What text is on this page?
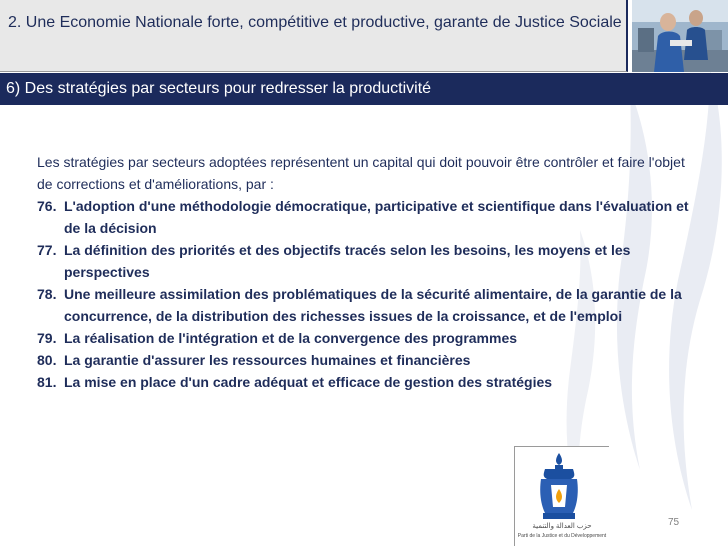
2. Une Economie Nationale forte, compétitive et productive, garante de Justice Sociale
6) Des stratégies par secteurs pour redresser la productivité

Les stratégies par secteurs adoptées représentent un capital qui doit pouvoir être contrôler et faire l'objet de corrections et d'améliorations, par :

76. L'adoption d'une méthodologie démocratique, participative et scientifique dans l'évaluation et de la décision
77. La définition des priorités et des objectifs tracés selon les besoins, les moyens et les perspectives
78. Une meilleure assimilation des problématiques de la sécurité alimentaire, de la garantie de la concurrence, de la distribution des richesses issues de la croissance, et de l'emploi
79. La réalisation de l'intégration et de la convergence des programmes
80. La garantie d'assurer les ressources humaines et financières
81. La mise en place d'un cadre adéquat et efficace de gestion des stratégies
حزب العدالة والتنمية
Parti de la Justice et du Développement
75
